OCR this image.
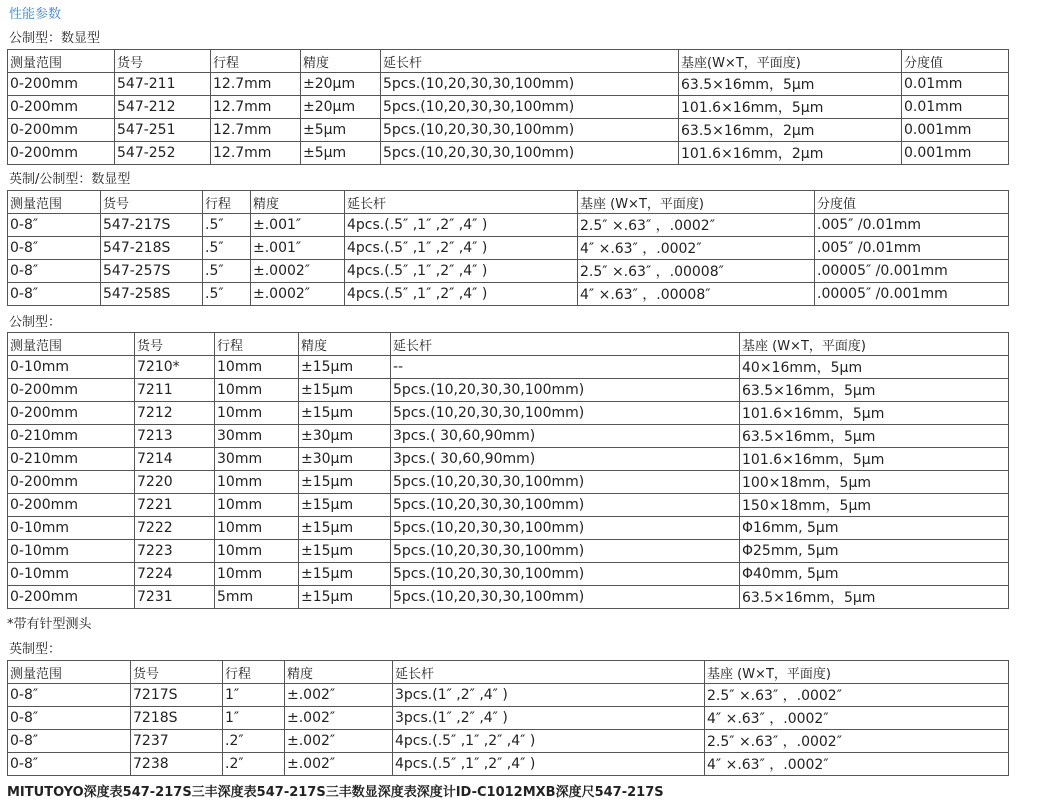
性能参数
公制型：数显型
测量范围	货号	行程	精度	延长杆	基座(W×T，平面度)	分度值
0-200mm	547-211	12.7mm	±20μm	5pcs.(10,20,30,30,100mm)	63.5×16mm，5μm	0.01mm
0-200mm	547-212	12.7mm	±20μm	5pcs.(10,20,30,30,100mm)	101.6×16mm，5μm	0.01mm
0-200mm	547-251	12.7mm	±5μm	5pcs.(10,20,30,30,100mm)	63.5×16mm，2μm	0.001mm
0-200mm	547-252	12.7mm	±5μm	5pcs.(10,20,30,30,100mm)	101.6×16mm，2μm	0.001mm
英制/公制型：数显型
测量范围	货号	行程	精度	延长杆	基座 (W×T，平面度)	分度值
0-8″	547-217S	.5″	±.001″	4pcs.(.5″ ,1″ ,2″ ,4″ )	2.5″ ×.63″ ，.0002″	.005″ /0.01mm
0-8″	547-218S	.5″	±.001″	4pcs.(.5″ ,1″ ,2″ ,4″ )	4″ ×.63″ ，.0002″	.005″ /0.01mm
0-8″	547-257S	.5″	±.0002″	4pcs.(.5″ ,1″ ,2″ ,4″ )	2.5″ ×.63″ ，.00008″	.00005″ /0.001mm
0-8″	547-258S	.5″	±.0002″	4pcs.(.5″ ,1″ ,2″ ,4″ )	4″ ×.63″ ，.00008″	.00005″ /0.001mm
公制型：
测量范围	货号	行程	精度	延长杆	基座 (W×T，平面度)
0-10mm	7210*	10mm	±15μm	--	40×16mm，5μm
0-200mm	7211	10mm	±15μm	5pcs.(10,20,30,30,100mm)	63.5×16mm，5μm
0-200mm	7212	10mm	±15μm	5pcs.(10,20,30,30,100mm)	101.6×16mm，5μm
0-210mm	7213	30mm	±30μm	3pcs.( 30,60,90mm)	63.5×16mm，5μm
0-210mm	7214	30mm	±30μm	3pcs.( 30,60,90mm)	101.6×16mm，5μm
0-200mm	7220	10mm	±15μm	5pcs.(10,20,30,30,100mm)	100×18mm，5μm
0-200mm	7221	10mm	±15μm	5pcs.(10,20,30,30,100mm)	150×18mm，5μm
0-10mm	7222	10mm	±15μm	5pcs.(10,20,30,30,100mm)	Φ16mm, 5μm
0-10mm	7223	10mm	±15μm	5pcs.(10,20,30,30,100mm)	Φ25mm, 5μm
0-10mm	7224	10mm	±15μm	5pcs.(10,20,30,30,100mm)	Φ40mm, 5μm
0-200mm	7231	5mm	±15μm	5pcs.(10,20,30,30,100mm)	63.5×16mm，5μm
*带有针型测头
英制型：
测量范围	货号	行程	精度	延长杆	基座 (W×T，平面度)
0-8″	7217S	1″	±.002″	3pcs.(1″ ,2″ ,4″ )	2.5″ ×.63″ ，.0002″
0-8″	7218S	1″	±.002″	3pcs.(1″ ,2″ ,4″ )	4″ ×.63″ ，.0002″
0-8″	7237	.2″	±.002″	4pcs.(.5″ ,1″ ,2″ ,4″ )	2.5″ ×.63″ ，.0002″
0-8″	7238	.2″	±.002″	4pcs.(.5″ ,1″ ,2″ ,4″ )	4″ ×.63″ ，.0002″
MITUTOYO深度表547-217S三丰深度表547-217S三丰数显深度表深度计ID-C1012MXB深度尺547-217S
